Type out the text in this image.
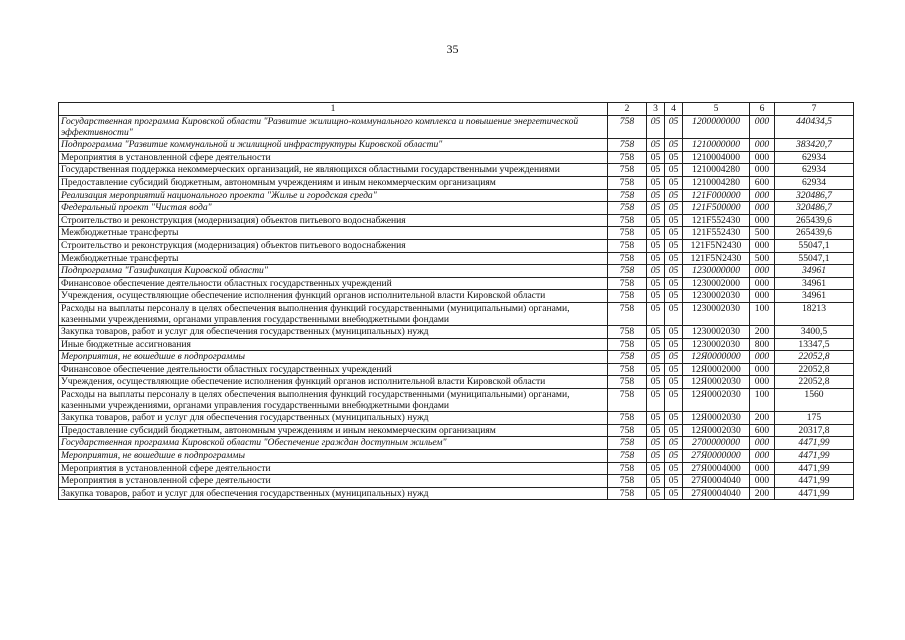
35
1	2	3	4	5	6	7
Государственная программа Кировской области "Развитие жилищно-коммунального комплекса и повышение энергетической эффективности"	758	05	05	1200000000	000	440434,5
Подпрограмма "Развитие коммунальной и жилищной инфраструктуры Кировской области"	758	05	05	1210000000	000	383420,7
Мероприятия в установленной сфере деятельности	758	05	05	1210004000	000	62934
Государственная поддержка некоммерческих организаций, не являющихся областными государственными учреждениями	758	05	05	1210004280	000	62934
Предоставление субсидий бюджетным, автономным учреждениям и иным некоммерческим организациям	758	05	05	1210004280	600	62934
Реализация мероприятий национального проекта "Жилье и городская среда"	758	05	05	121F000000	000	320486,7
Федеральный проект "Чистая вода"	758	05	05	121F500000	000	320486,7
Строительство и реконструкция (модернизация) объектов питьевого водоснабжения	758	05	05	121F552430	000	265439,6
Межбюджетные трансферты	758	05	05	121F552430	500	265439,6
Строительство и реконструкция (модернизация) объектов питьевого водоснабжения	758	05	05	121F5N2430	000	55047,1
Межбюджетные трансферты	758	05	05	121F5N2430	500	55047,1
Подпрограмма "Газификация Кировской области"	758	05	05	1230000000	000	34961
Финансовое обеспечение деятельности областных государственных учреждений	758	05	05	1230002000	000	34961
Учреждения, осуществляющие обеспечение исполнения функций органов исполнительной власти Кировской области	758	05	05	1230002030	000	34961
Расходы на выплаты персоналу в целях обеспечения выполнения функций государственными (муниципальными) органами, казенными учреждениями, органами управления государственными внебюджетными фондами	758	05	05	1230002030	100	18213
Закупка товаров, работ и услуг для обеспечения государственных (муниципальных) нужд	758	05	05	1230002030	200	3400,5
Иные бюджетные ассигнования	758	05	05	1230002030	800	13347,5
Мероприятия, не вошедшие в подпрограммы	758	05	05	12Я0000000	000	22052,8
Финансовое обеспечение деятельности областных государственных учреждений	758	05	05	12Я0002000	000	22052,8
Учреждения, осуществляющие обеспечение исполнения функций органов исполнительной власти Кировской области	758	05	05	12Я0002030	000	22052,8
Расходы на выплаты персоналу в целях обеспечения выполнения функций государственными (муниципальными) органами, казенными учреждениями, органами управления государственными внебюджетными фондами	758	05	05	12Я0002030	100	1560
Закупка товаров, работ и услуг для обеспечения государственных (муниципальных) нужд	758	05	05	12Я0002030	200	175
Предоставление субсидий бюджетным, автономным учреждениям и иным некоммерческим организациям	758	05	05	12Я0002030	600	20317,8
Государственная программа Кировской области "Обеспечение граждан доступным жильем"	758	05	05	2700000000	000	4471,99
Мероприятия, не вошедшие в подпрограммы	758	05	05	27Я0000000	000	4471,99
Мероприятия в установленной сфере деятельности	758	05	05	27Я0004000	000	4471,99
Мероприятия в установленной сфере деятельности	758	05	05	27Я0004040	000	4471,99
Закупка товаров, работ и услуг для обеспечения государственных (муниципальных) нужд	758	05	05	27Я0004040	200	4471,99
